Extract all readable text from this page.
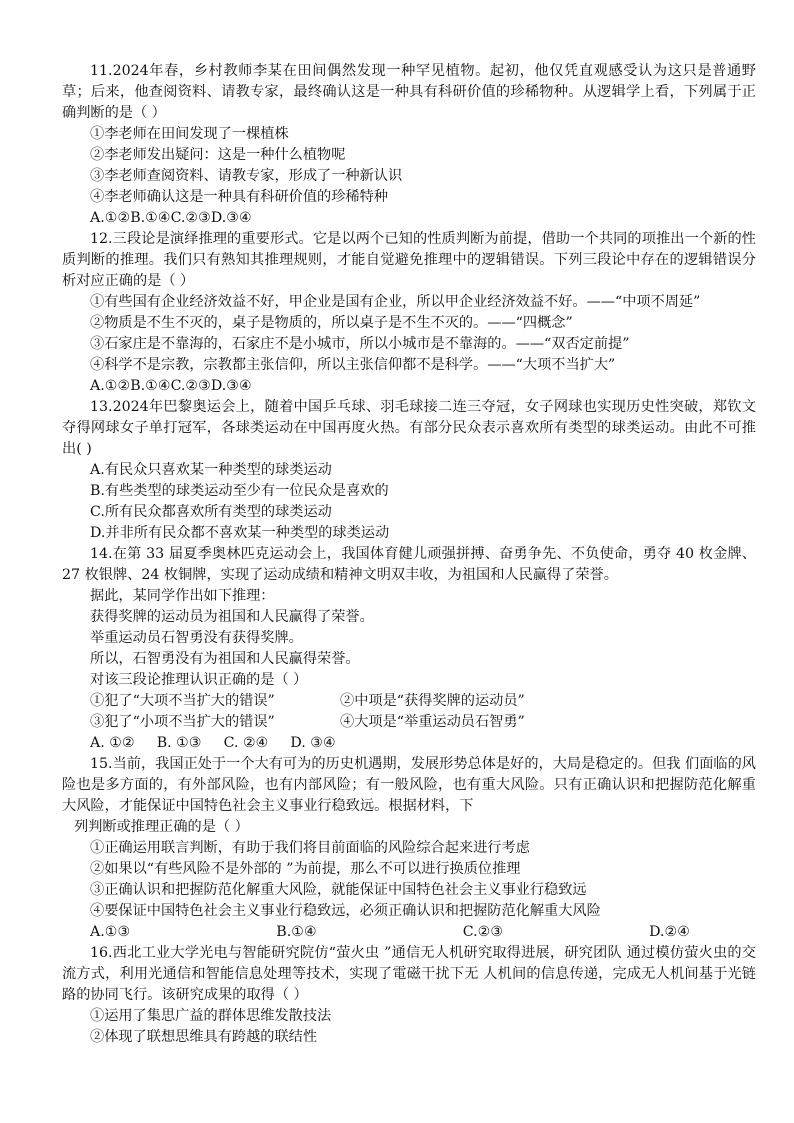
11.2024年春，乡村教师李某在田间偶然发现一种罕见植物。起初，他仅凭直观感受认为这只是普通野草；后来，他查阅资料、请教专家，最终确认这是一种具有科研价值的珍稀物种。从逻辑学上看，下列属于正确判断的是（ ）

①李老师在田间发现了一棵植株

②李老师发出疑问：这是一种什么植物呢

③李老师查阅资料、请教专家，形成了一种新认识

④李老师确认这是一种具有科研价值的珍稀特种

A.①② B.①④ C.②③ D.③④

12.三段论是演绎推理的重要形式。它是以两个已知的性质判断为前提，借助一个共同的项推出一个新的性质判断的推理。我们只有熟知其推理规则，才能自觉避免推理中的逻辑错误。下列三段论中存在的逻辑错误分析对应正确的是（ ）

①有些国有企业经济效益不好，甲企业是国有企业，所以甲企业经济效益不好。——“中项不周延”

②物质是不生不灭的，桌子是物质的，所以桌子是不生不灭的。——“四概念”

③石家庄是不靠海的，石家庄不是小城市，所以小城市是不靠海的。——“双否定前提”

④科学不是宗教，宗教都主张信仰，所以主张信仰都不是科学。——“大项不当扩大”

A.①② B.①④ C.②③ D.③④

13.2024年巴黎奥运会上，随着中国乒乓球、羽毛球接二连三夺冠，女子网球也实现历史性突破，郑钦文夺得网球女子单打冠军，各球类运动在中国再度火热。有部分民众表示喜欢所有类型的球类运动。由此不可推出( )

A.有民众只喜欢某一种类型的球类运动

B.有些类型的球类运动至少有一位民众是喜欢的

C.所有民众都喜欢所有类型的球类运动

D.并非所有民众都不喜欢某一种类型的球类运动

14.在第 33 届夏季奥林匹克运动会上，我国体育健儿顽强拼搏、奋勇争先、不负使命，勇夺 40 枚金牌、27 枚银牌、24 枚铜牌，实现了运动成绩和精神文明双丰收，为祖国和人民赢得了荣誉。

据此，某同学作出如下推理：

获得奖牌的运动员为祖国和人民赢得了荣誉。

举重运动员石智勇没有获得奖牌。

所以，石智勇没有为祖国和人民赢得荣誉。

对该三段论推理认识正确的是（ ）

①犯了“大项不当扩大的错误”	②中项是“获得奖牌的运动员”
③犯了“小项不当扩大的错误”	④大项是“举重运动员石智勇”
A. ①② B. ①③ C. ②④ D. ③④

15.当前，我国正处于一个大有可为的历史机遇期，发展形势总体是好的，大局是稳定的。但我 们面临的风险也是多方面的，有外部风险，也有内部风险；有一般风险，也有重大风险。只有正确认识和把握防范化解重大风险，才能保证中国特色社会主义事业行稳致远。根据材料，下

列判断或推理正确的是（ ）

①正确运用联言判断，有助于我们将目前面临的风险综合起来进行考虑

②如果以“有些风险不是外部的 ”为前提，那么不可以进行换质位推理

③正确认识和把握防范化解重大风险，就能保证中国特色社会主义事业行稳致远

④要保证中国特色社会主义事业行稳致远，必须正确认识和把握防范化解重大风险

A.①③	B.①④	C.②③	D.②④

16.西北工业大学光电与智能研究院仿“萤火虫 ”通信无人机研究取得进展，研究团队 通过模仿萤火虫的交流方式，利用光通信和智能信息处理等技术，实现了電磁干扰下无 人机间的信息传递，完成无人机间基于光链路的协同飞行。该研究成果的取得（ ）

①运用了集思广益的群体思维发散技法

②体现了联想思维具有跨越的联结性
